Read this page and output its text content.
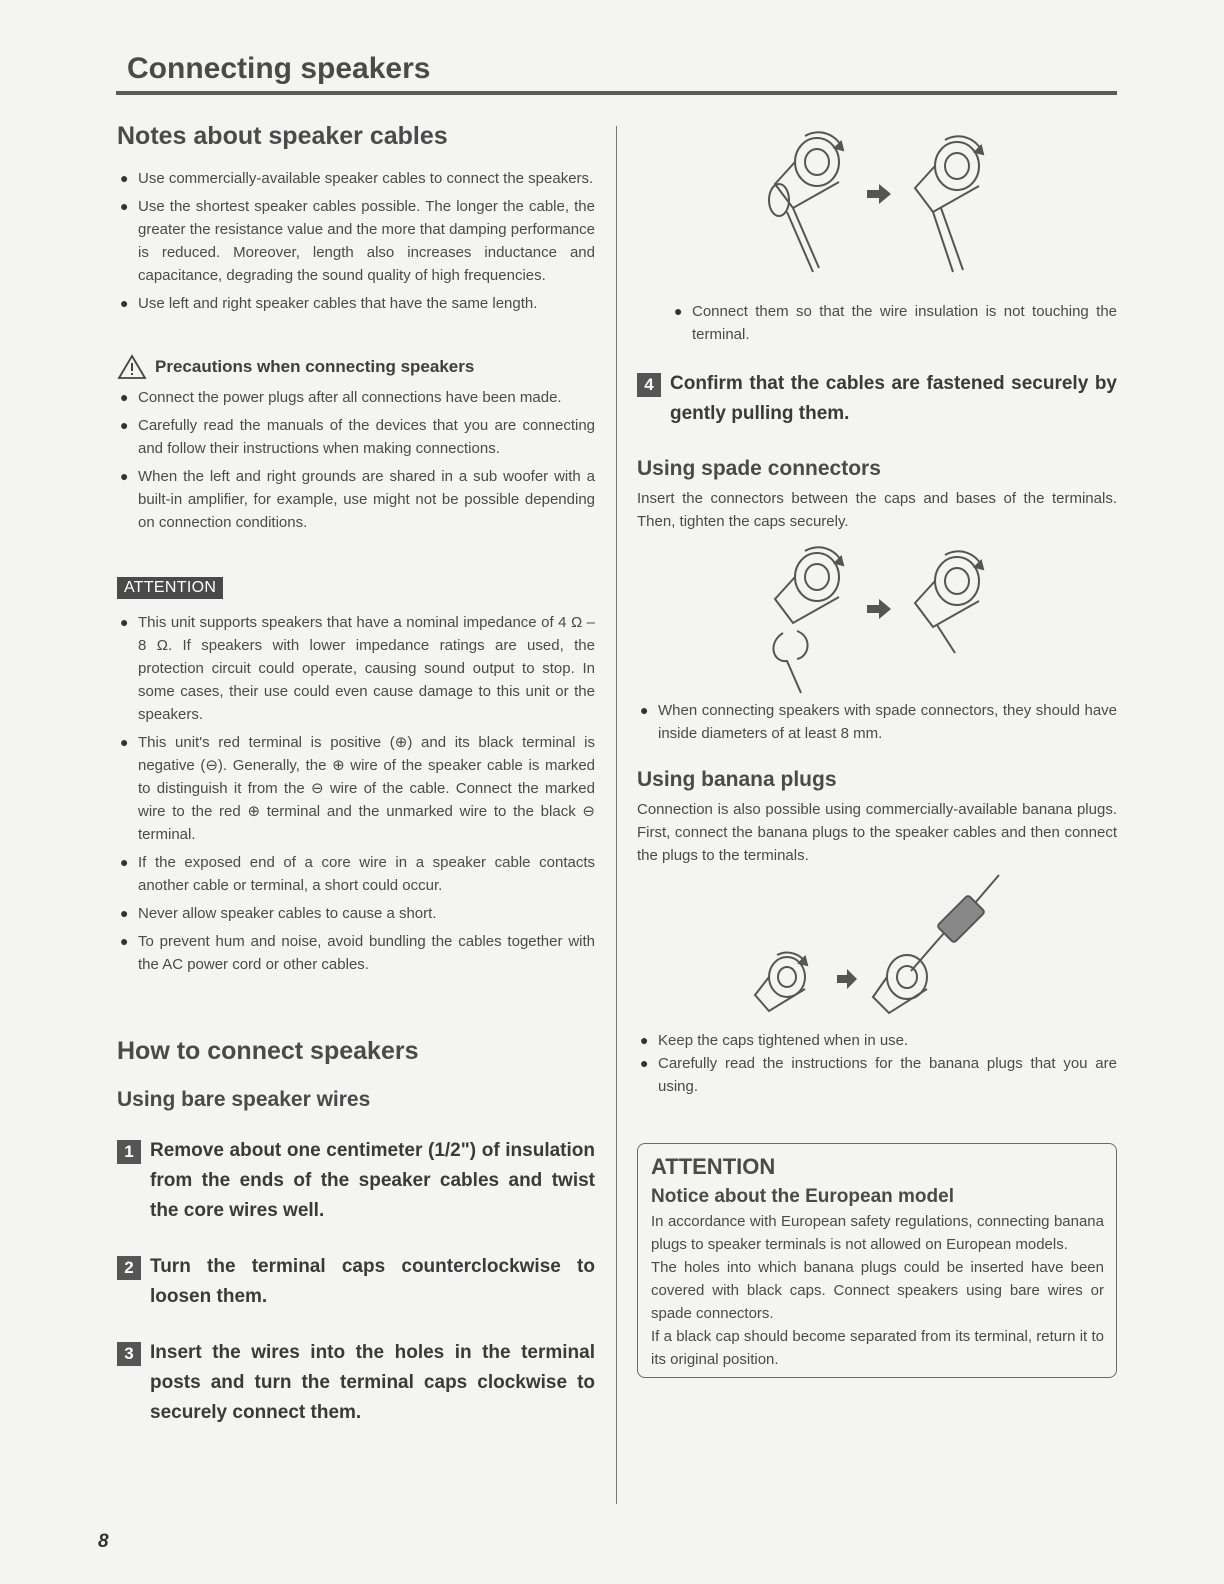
Connecting speakers
Notes about speaker cables
● Use commercially-available speaker cables to connect the speakers.
● Use the shortest speaker cables possible. The longer the cable, the greater the resistance value and the more that damping performance is reduced. Moreover, length also increases inductance and capacitance, degrading the sound quality of high frequencies.
● Use left and right speaker cables that have the same length.
Precautions when connecting speakers
● Connect the power plugs after all connections have been made.
● Carefully read the manuals of the devices that you are connecting and follow their instructions when making connections.
● When the left and right grounds are shared in a sub woofer with a built-in amplifier, for example, use might not be possible depending on connection conditions.
ATTENTION
● This unit supports speakers that have a nominal impedance of 4 Ω – 8 Ω. If speakers with lower impedance ratings are used, the protection circuit could operate, causing sound output to stop. In some cases, their use could even cause damage to this unit or the speakers.
● This unit's red terminal is positive (⊕) and its black terminal is negative (⊖). Generally, the ⊕ wire of the speaker cable is marked to distinguish it from the ⊖ wire of the cable. Connect the marked wire to the red ⊕ terminal and the unmarked wire to the black ⊖ terminal.
● If the exposed end of a core wire in a speaker cable contacts another cable or terminal, a short could occur.
● Never allow speaker cables to cause a short.
● To prevent hum and noise, avoid bundling the cables together with the AC power cord or other cables.
How to connect speakers
Using bare speaker wires
1 Remove about one centimeter (1/2") of insulation from the ends of the speaker cables and twist the core wires well.
2 Turn the terminal caps counterclockwise to loosen them.
3 Insert the wires into the holes in the terminal posts and turn the terminal caps clockwise to securely connect them.
● Connect them so that the wire insulation is not touching the terminal.
4 Confirm that the cables are fastened securely by gently pulling them.
Using spade connectors

Insert the connectors between the caps and bases of the terminals. Then, tighten the caps securely.

● When connecting speakers with spade connectors, they should have inside diameters of at least 8 mm.
Using banana plugs

Connection is also possible using commercially-available banana plugs. First, connect the banana plugs to the speaker cables and then connect the plugs to the terminals.

● Keep the caps tightened when in use.
● Carefully read the instructions for the banana plugs that you are using.
ATTENTION
Notice about the European model

In accordance with European safety regulations, connecting banana plugs to speaker terminals is not allowed on European models.

The holes into which banana plugs could be inserted have been covered with black caps. Connect speakers using bare wires or spade connectors.

If a black cap should become separated from its terminal, return it to its original position.

8
